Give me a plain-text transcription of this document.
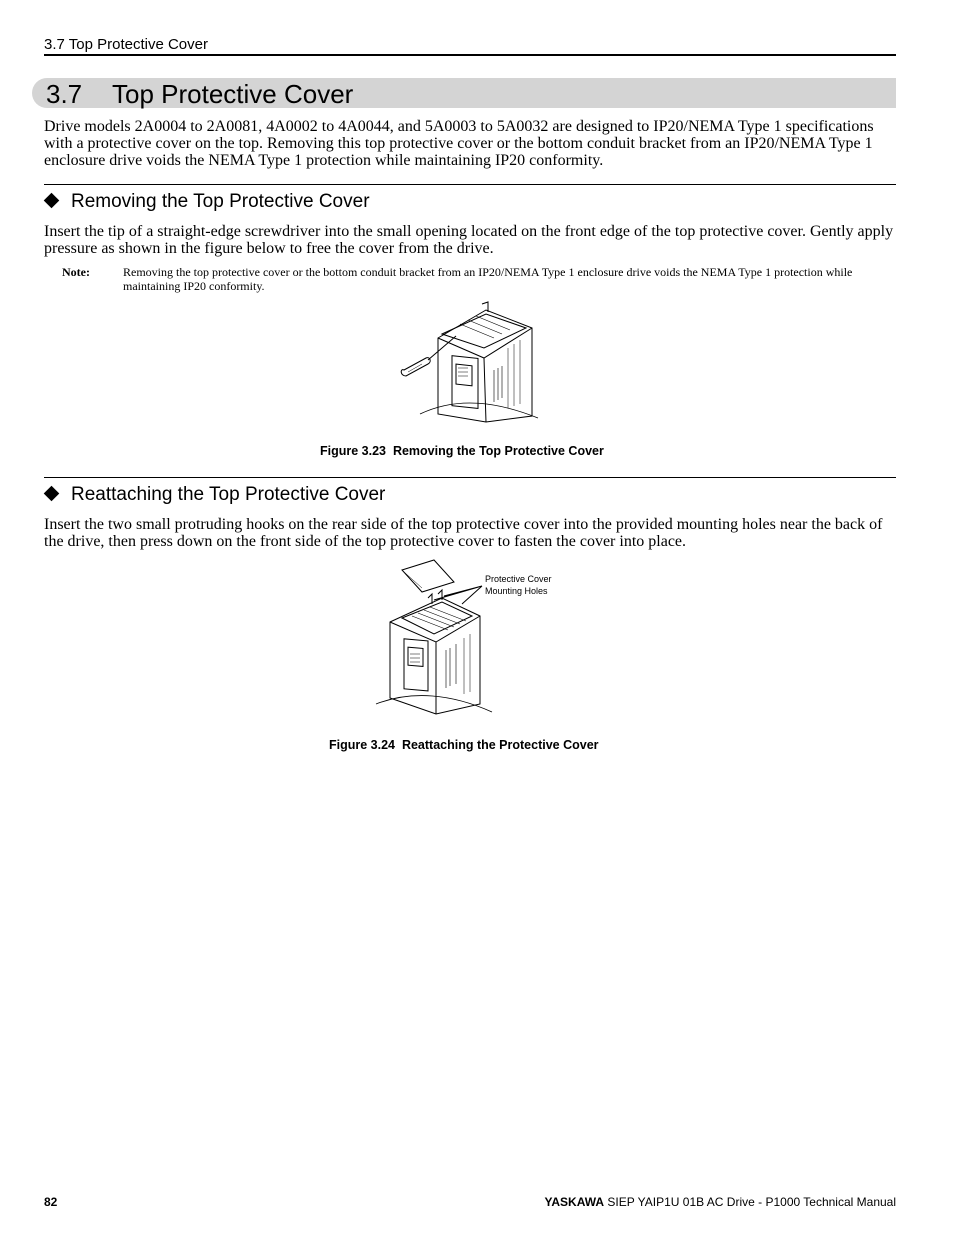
3.7 Top Protective Cover
3.7 Top Protective Cover
Drive models 2A0004 to 2A0081, 4A0002 to 4A0044, and 5A0003 to 5A0032 are designed to IP20/NEMA Type 1 specifications with a protective cover on the top. Removing this top protective cover or the bottom conduit bracket from an IP20/NEMA Type 1 enclosure drive voids the NEMA Type 1 protection while maintaining IP20 conformity.
Removing the Top Protective Cover
Insert the tip of a straight-edge screwdriver into the small opening located on the front edge of the top protective cover. Gently apply pressure as shown in the figure below to free the cover from the drive.
Note:	Removing the top protective cover or the bottom conduit bracket from an IP20/NEMA Type 1 enclosure drive voids the NEMA Type 1 protection while maintaining IP20 conformity.
Figure 3.23  Removing the Top Protective Cover
Reattaching the Top Protective Cover
Insert the two small protruding hooks on the rear side of the top protective cover into the provided mounting holes near the back of the drive, then press down on the front side of the top protective cover to fasten the cover into place.
Protective Cover
Mounting Holes
Figure 3.24  Reattaching the Protective Cover
82	YASKAWA SIEP YAIP1U 01B AC Drive - P1000 Technical Manual
